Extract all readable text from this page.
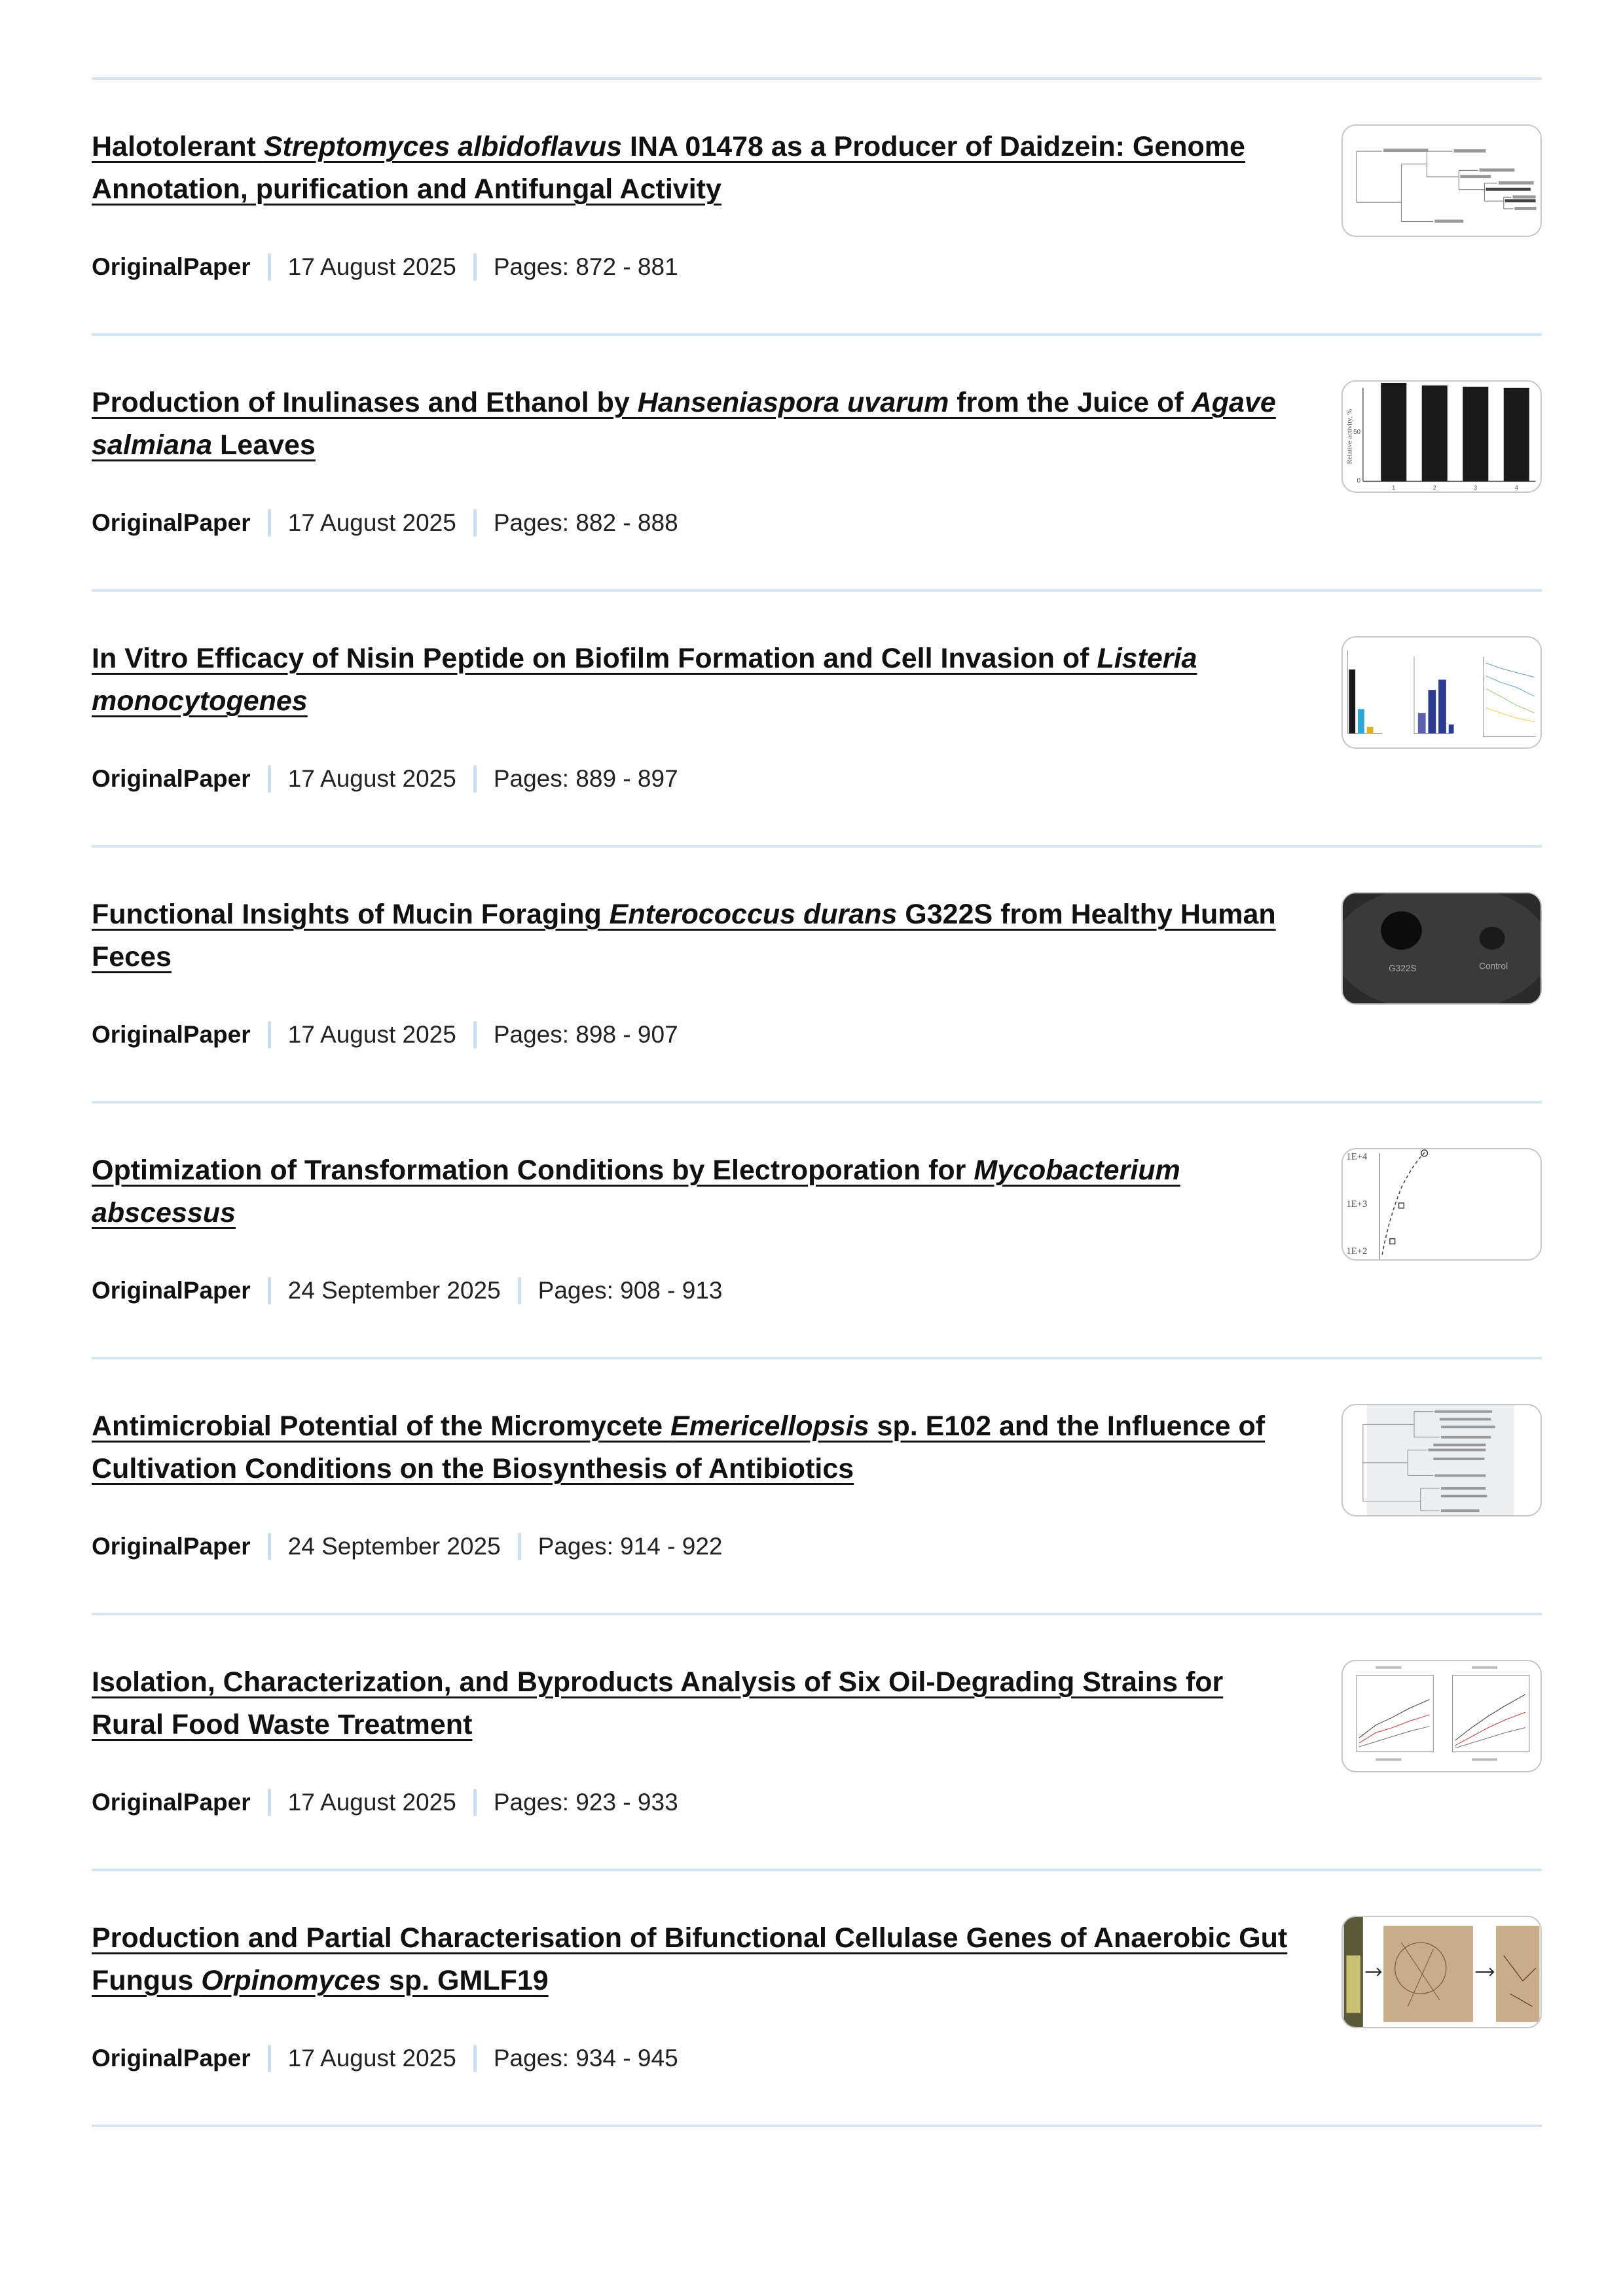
Halotolerant Streptomyces albidoflavus INA 01478 as a Producer of Daidzein: Genome Annotation, purification and Antifungal Activity
OriginalPaper 17 August 2025 Pages: 872 - 881
Production of Inulinases and Ethanol by Hanseniaspora uvarum from the Juice of Agave salmiana Leaves
OriginalPaper 17 August 2025 Pages: 882 - 888
Relative activity, %
0
50
1	2	3	4
In Vitro Efficacy of Nisin Peptide on Biofilm Formation and Cell Invasion of Listeria monocytogenes
OriginalPaper 17 August 2025 Pages: 889 - 897
Functional Insights of Mucin Foraging Enterococcus durans G322S from Healthy Human Feces
OriginalPaper 17 August 2025 Pages: 898 - 907
G322S	Control
Optimization of Transformation Conditions by Electroporation for Mycobacterium abscessus
OriginalPaper 24 September 2025 Pages: 908 - 913
1E+4
1E+3
1E+2
Antimicrobial Potential of the Micromycete Emericellopsis sp. E102 and the Influence of Cultivation Conditions on the Biosynthesis of Antibiotics
OriginalPaper 24 September 2025 Pages: 914 - 922
Isolation, Characterization, and Byproducts Analysis of Six Oil-Degrading Strains for Rural Food Waste Treatment
OriginalPaper 17 August 2025 Pages: 923 - 933
Production and Partial Characterisation of Bifunctional Cellulase Genes of Anaerobic Gut Fungus Orpinomyces sp. GMLF19
OriginalPaper 17 August 2025 Pages: 934 - 945
